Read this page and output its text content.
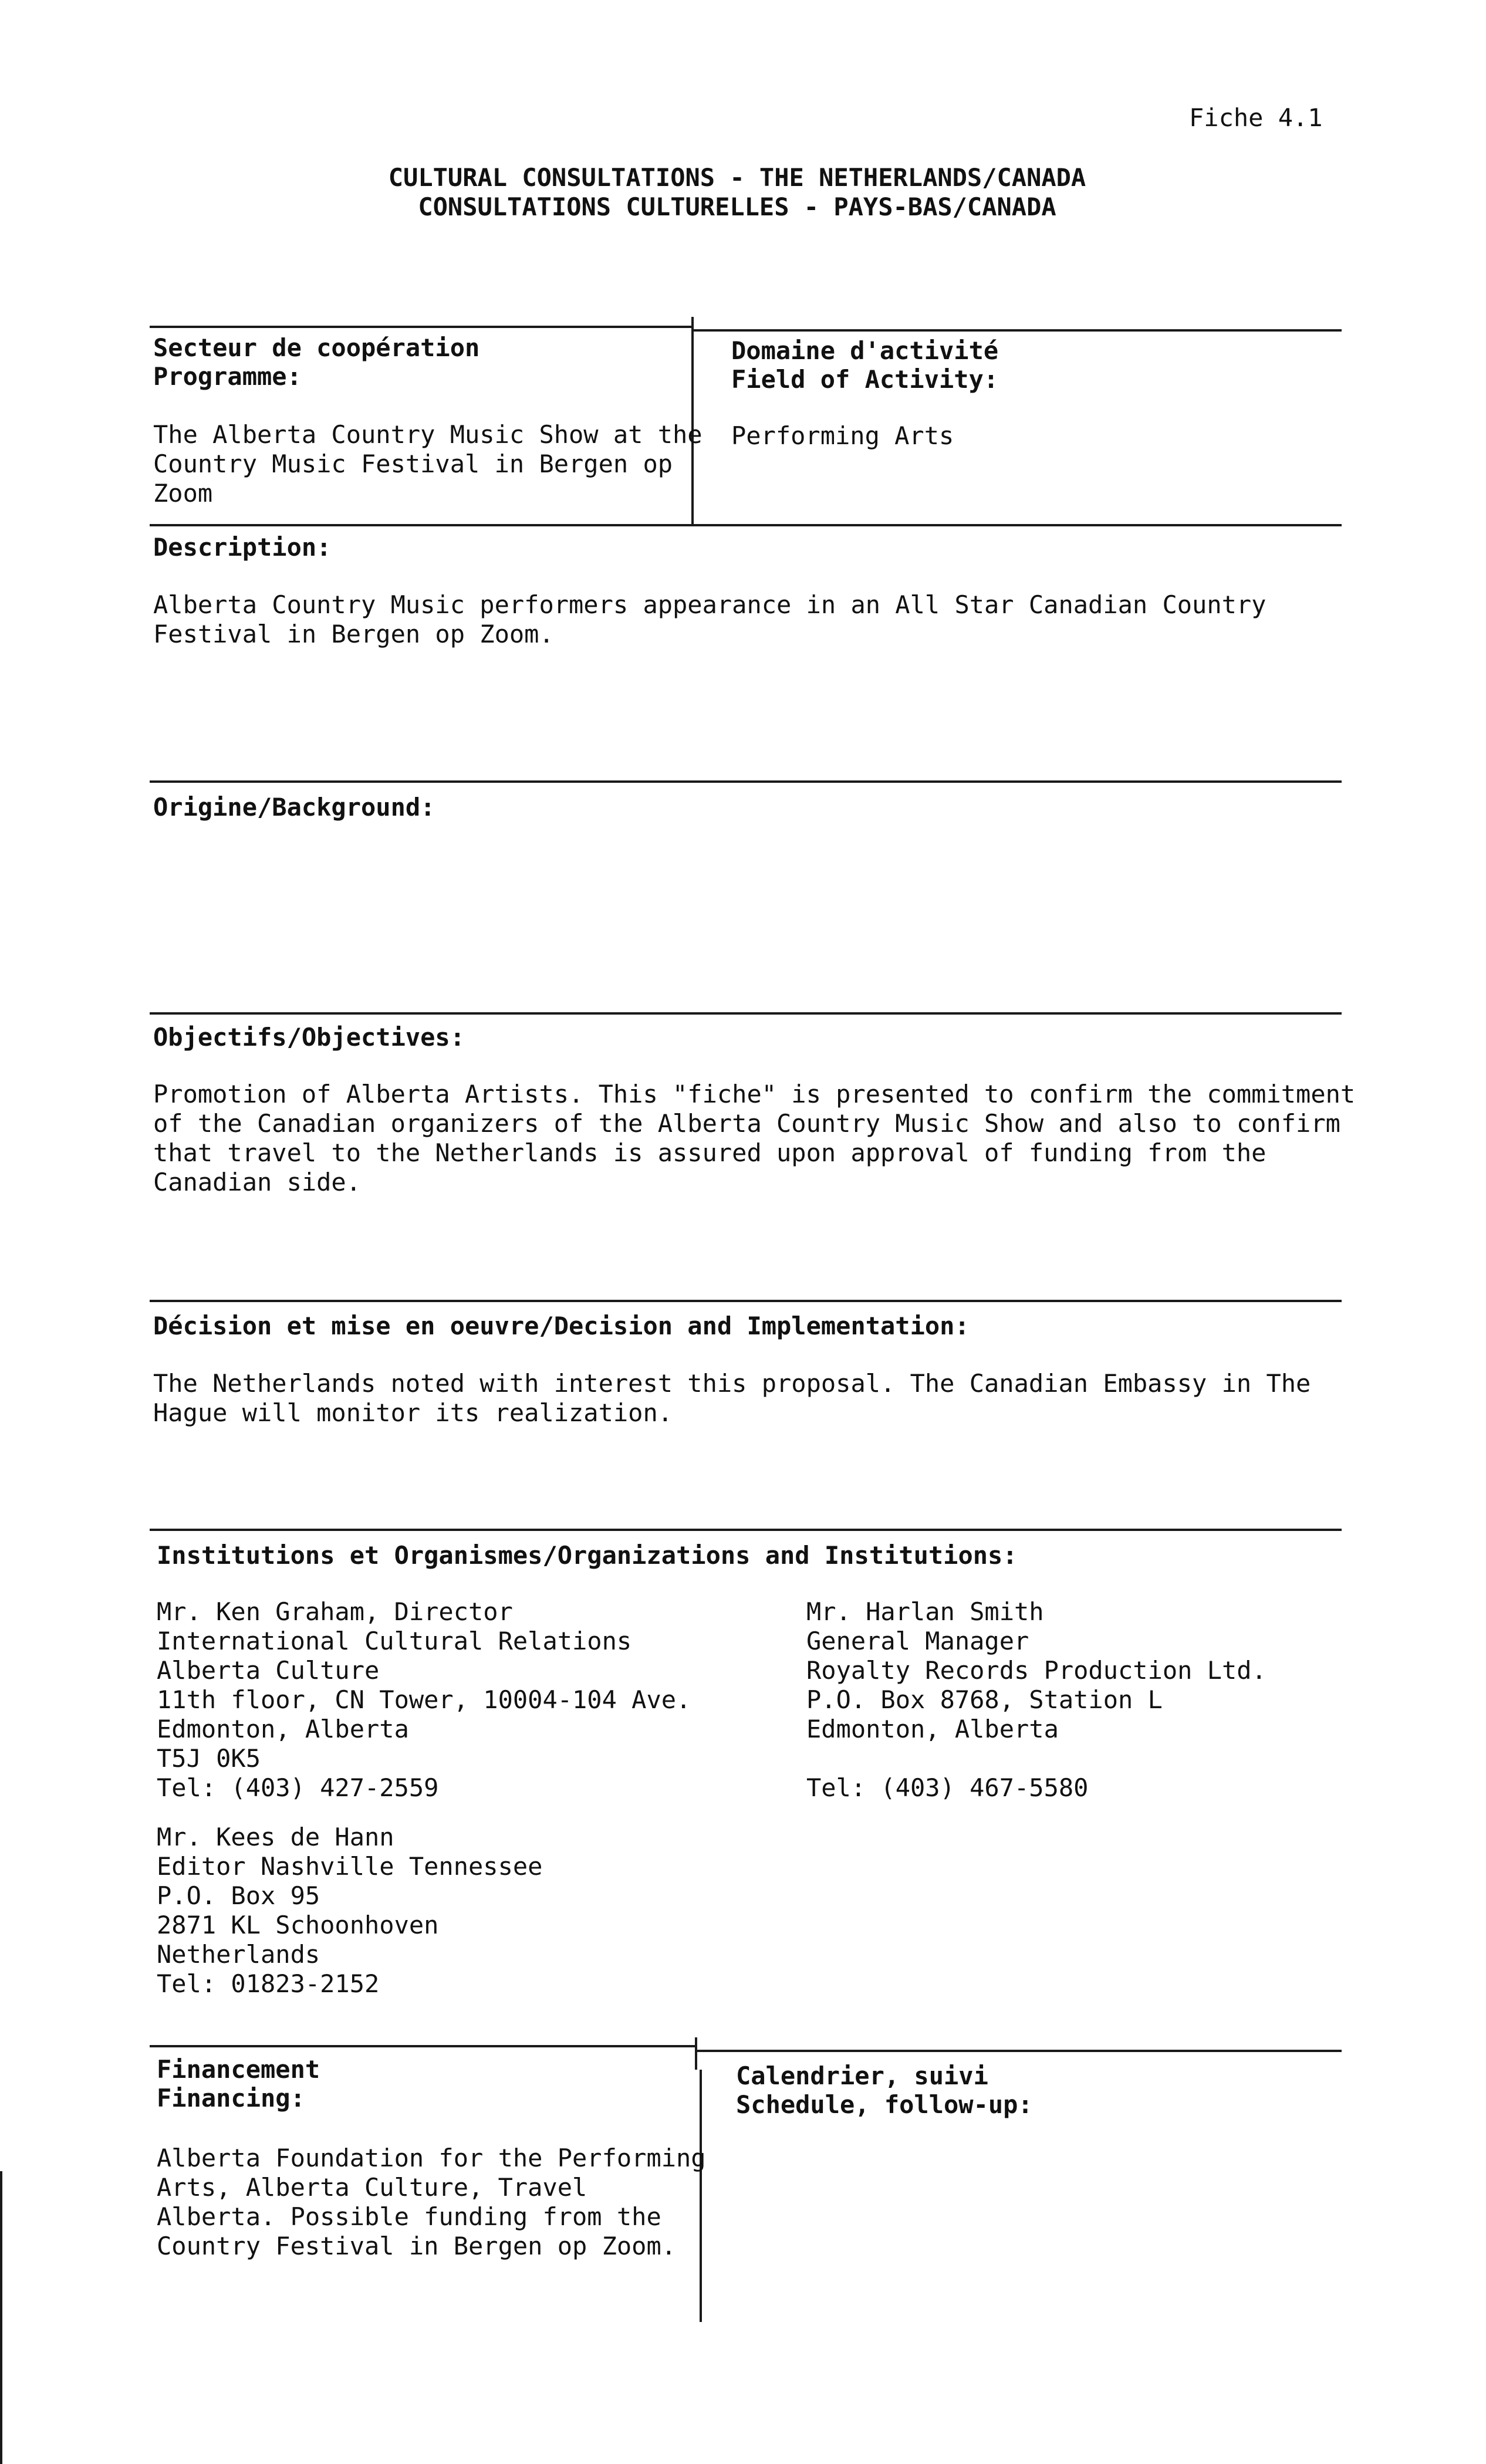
Fiche 4.1
CULTURAL CONSULTATIONS - THE NETHERLANDS/CANADA
CONSULTATIONS CULTURELLES - PAYS-BAS/CANADA
Secteur de coopération
Programme:
The Alberta Country Music Show at the
Country Music Festival in Bergen op
Zoom
Domaine d'activité
Field of Activity:
Performing Arts
Description:
Alberta Country Music performers appearance in an All Star Canadian Country
Festival in Bergen op Zoom.
Origine/Background:
Objectifs/Objectives:
Promotion of Alberta Artists. This "fiche" is presented to confirm the commitment
of the Canadian organizers of the Alberta Country Music Show and also to confirm
that travel to the Netherlands is assured upon approval of funding from the
Canadian side.
Décision et mise en oeuvre/Decision and Implementation:
The Netherlands noted with interest this proposal. The Canadian Embassy in The
Hague will monitor its realization.
Institutions et Organismes/Organizations and Institutions:
Mr. Ken Graham, Director
International Cultural Relations
Alberta Culture
11th floor, CN Tower, 10004-104 Ave.
Edmonton, Alberta
T5J 0K5
Tel: (403) 427-2559
Mr. Harlan Smith
General Manager
Royalty Records Production Ltd.
P.O. Box 8768, Station L
Edmonton, Alberta

Tel: (403) 467-5580
Mr. Kees de Hann
Editor Nashville Tennessee
P.O. Box 95
2871 KL Schoonhoven
Netherlands
Tel: 01823-2152
Financement
Financing:
Alberta Foundation for the Performing
Arts, Alberta Culture, Travel
Alberta. Possible funding from the
Country Festival in Bergen op Zoom.
Calendrier, suivi
Schedule, follow-up:
